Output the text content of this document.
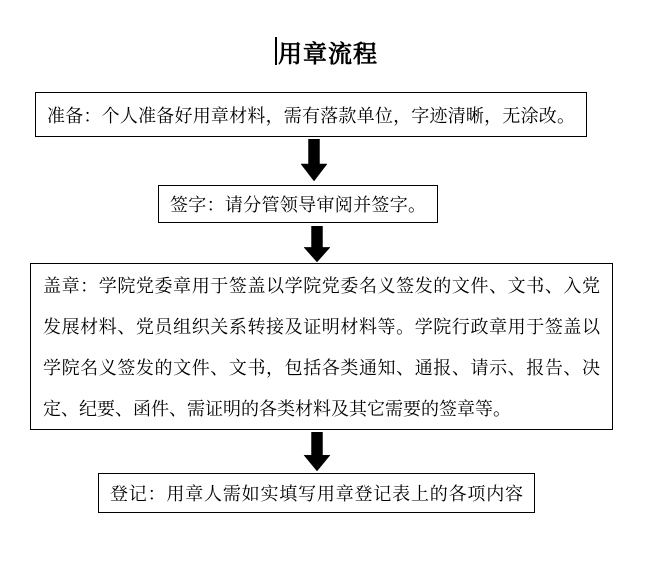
用章流程
准备：个人准备好用章材料，需有落款单位，字迹清晰，无涂改。
签字：请分管领导审阅并签字。
盖章：学院党委章用于签盖以学院党委名义签发的文件、文书、入党
发展材料、党员组织关系转接及证明材料等。学院行政章用于签盖以
学院名义签发的文件、文书，包括各类通知、通报、请示、报告、决
定、纪要、函件、需证明的各类材料及其它需要的签章等。
登记：用章人需如实填写用章登记表上的各项内容
